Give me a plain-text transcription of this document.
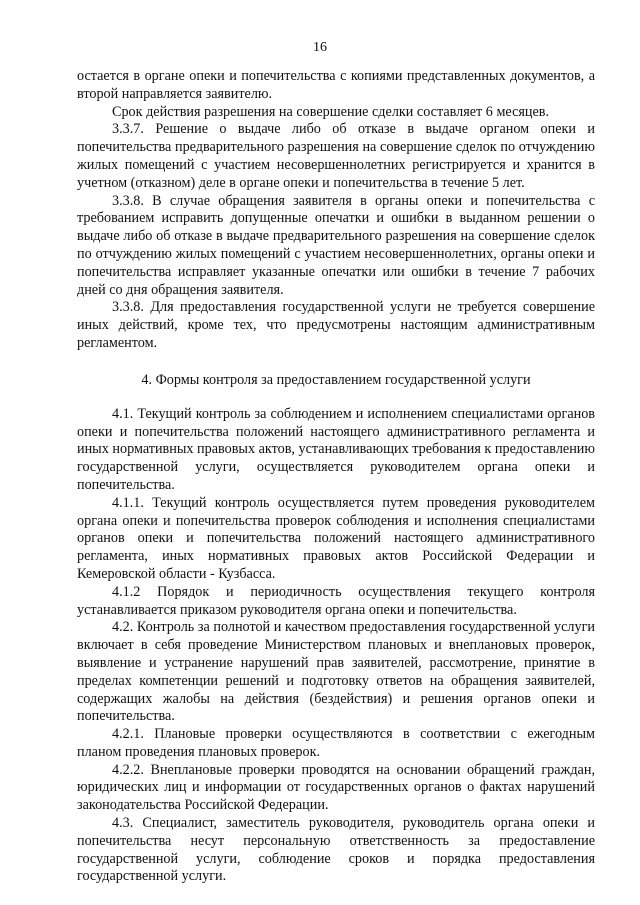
16

остается в органе опеки и попечительства с копиями представленных документов, а второй направляется заявителю.

Срок действия разрешения на совершение сделки составляет 6 месяцев.

3.3.7. Решение о выдаче либо об отказе в выдаче органом опеки и попечительства предварительного разрешения на совершение сделок по отчуждению жилых помещений с участием несовершеннолетних регистрируется и хранится в учетном (отказном) деле в органе опеки и попечительства в течение 5 лет.

3.3.8. В случае обращения заявителя в органы опеки и попечительства с требованием исправить допущенные опечатки и ошибки в выданном решении о выдаче либо об отказе в выдаче предварительного разрешения на совершение сделок по отчуждению жилых помещений с участием несовершеннолетних, органы опеки и попечительства исправляет указанные опечатки или ошибки в течение 7 рабочих дней со дня обращения заявителя.

3.3.8. Для предоставления государственной услуги не требуется совершение иных действий, кроме тех, что предусмотрены настоящим административным регламентом.

4. Формы контроля за предоставлением государственной услуги

4.1. Текущий контроль за соблюдением и исполнением специалистами органов опеки и попечительства положений настоящего административного регламента и иных нормативных правовых актов, устанавливающих требования к предоставлению государственной услуги, осуществляется руководителем органа опеки и попечительства.

4.1.1. Текущий контроль осуществляется путем проведения руководителем органа опеки и попечительства проверок соблюдения и исполнения специалистами органов опеки и попечительства положений настоящего административного регламента, иных нормативных правовых актов Российской Федерации и Кемеровской области - Кузбасса.

4.1.2 Порядок и периодичность осуществления текущего контроля устанавливается приказом руководителя органа опеки и попечительства.

4.2. Контроль за полнотой и качеством предоставления государственной услуги включает в себя проведение Министерством плановых и внеплановых проверок, выявление и устранение нарушений прав заявителей, рассмотрение, принятие в пределах компетенции решений и подготовку ответов на обращения заявителей, содержащих жалобы на действия (бездействия) и решения органов опеки и попечительства.

4.2.1. Плановые проверки осуществляются в соответствии с ежегодным планом проведения плановых проверок.

4.2.2. Внеплановые проверки проводятся на основании обращений граждан, юридических лиц и информации от государственных органов о фактах нарушений законодательства Российской Федерации.

4.3. Специалист, заместитель руководителя, руководитель органа опеки и попечительства несут персональную ответственность за предоставление государственной услуги, соблюдение сроков и порядка предоставления государственной услуги.
